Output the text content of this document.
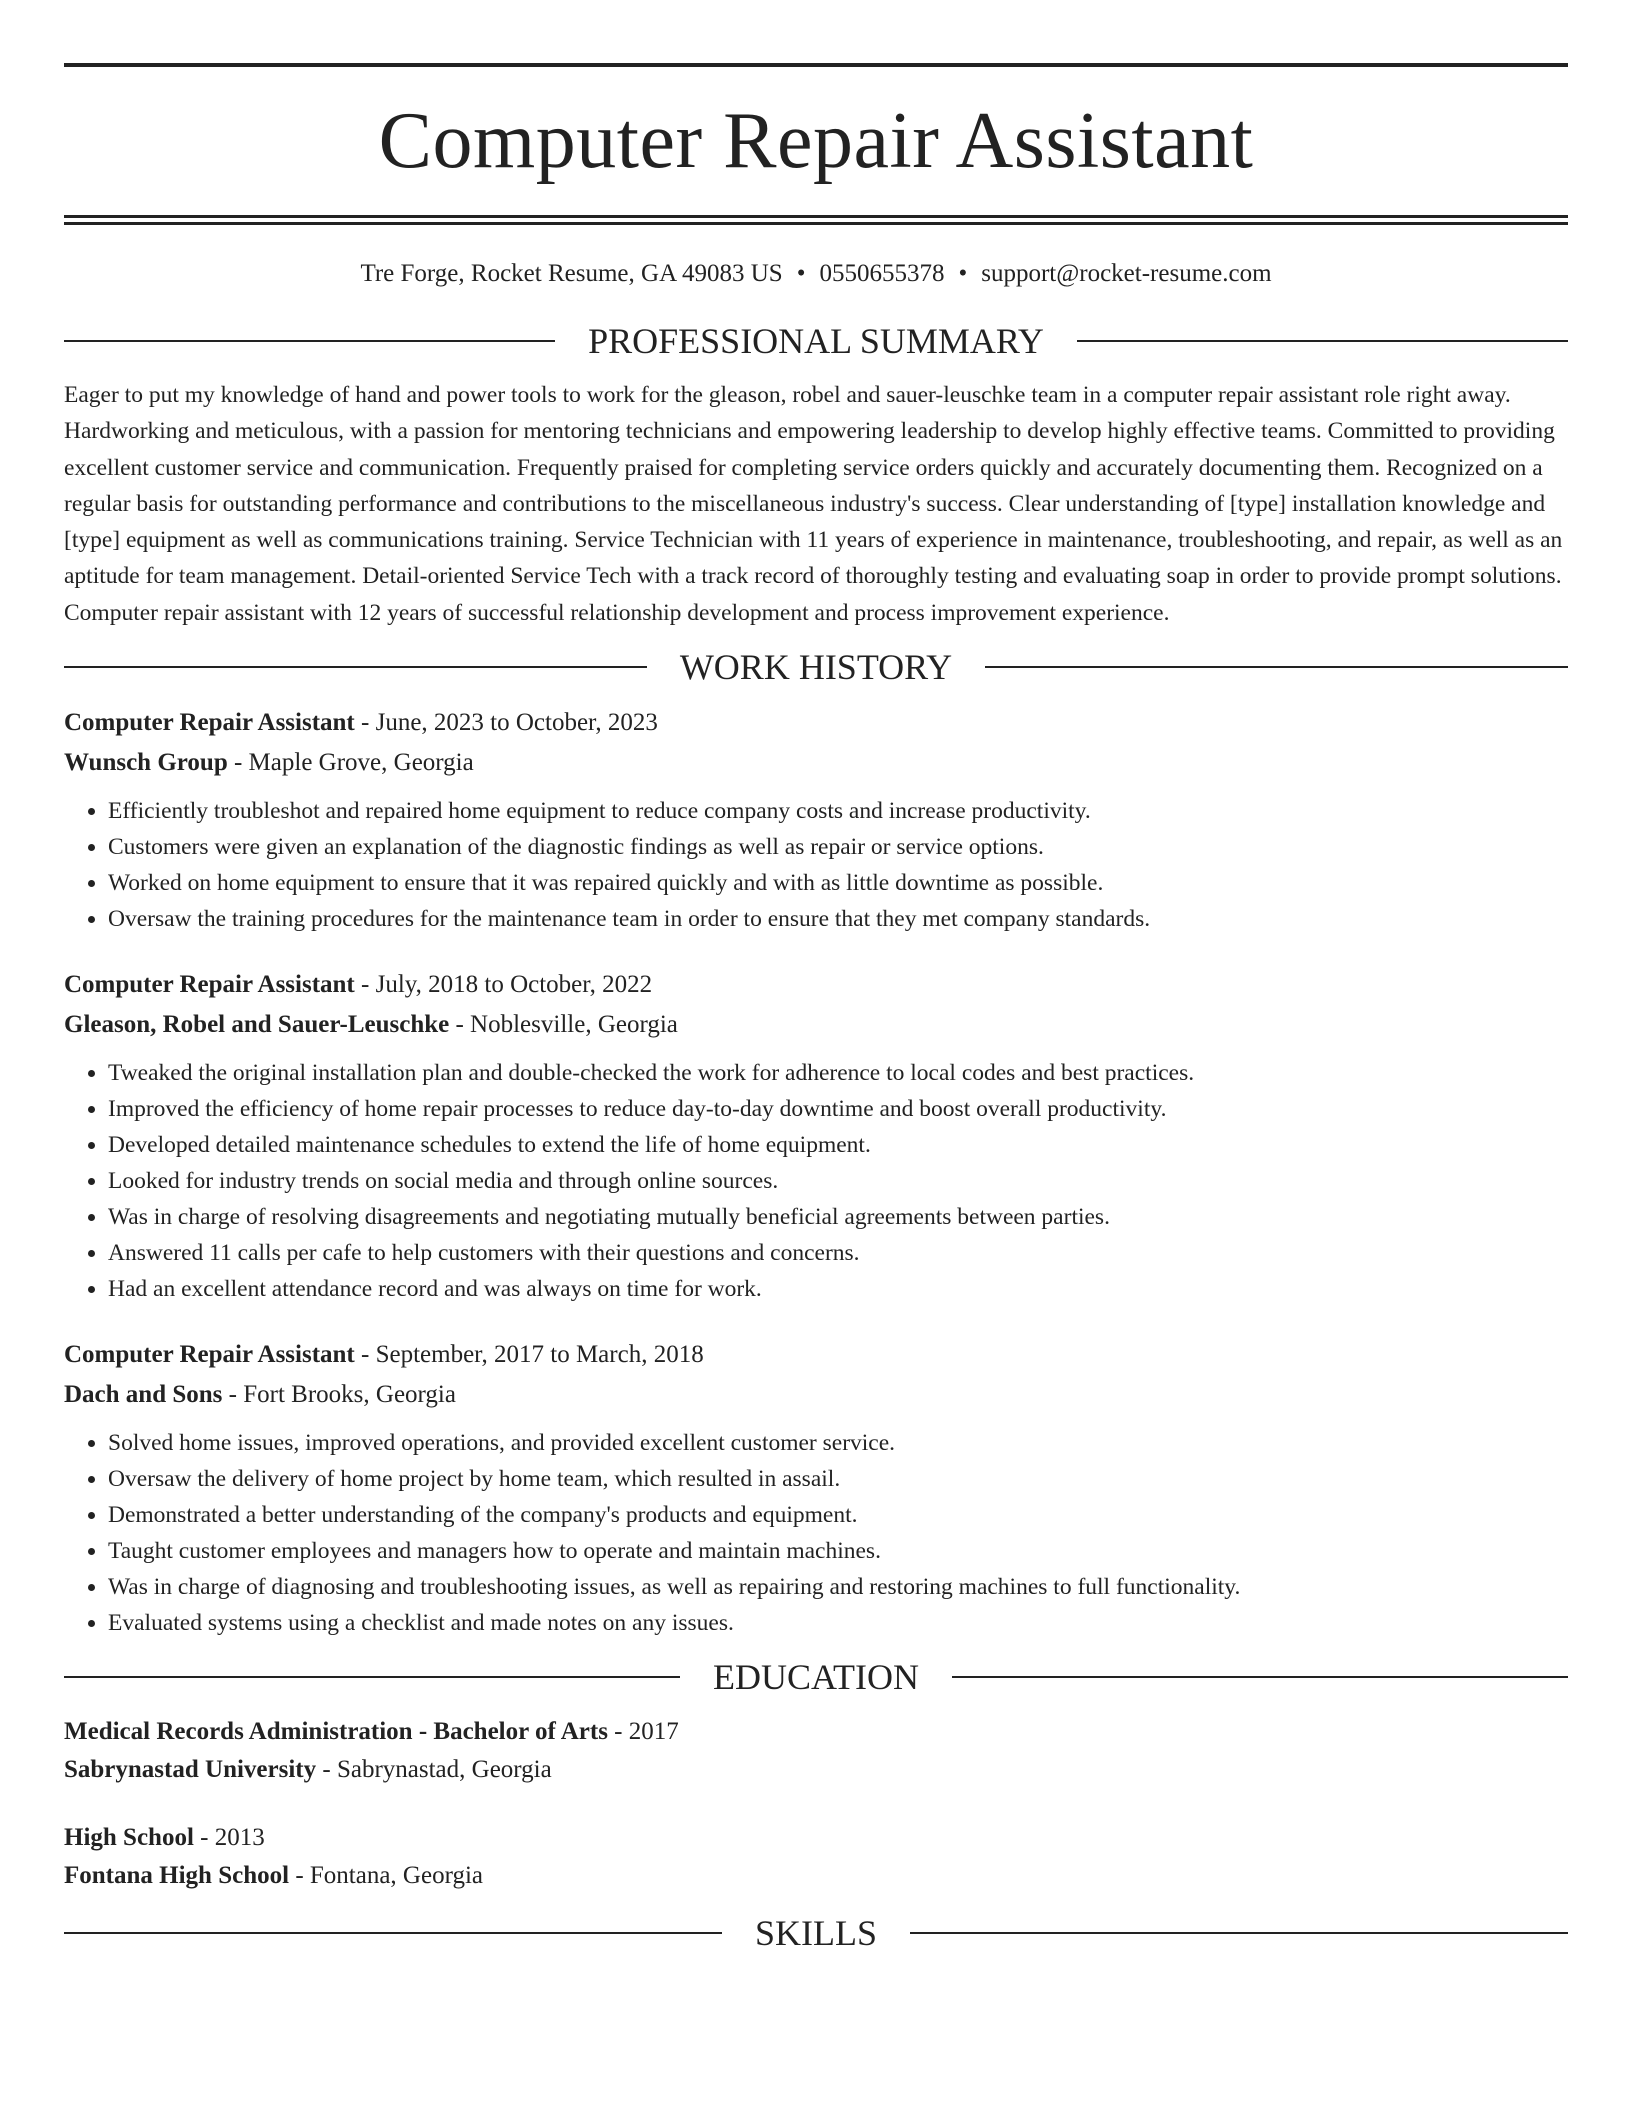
Computer Repair Assistant
Tre Forge, Rocket Resume, GA 49083 US • 0550655378 • support@rocket-resume.com
PROFESSIONAL SUMMARY

Eager to put my knowledge of hand and power tools to work for the gleason, robel and sauer-leuschke team in a computer repair assistant role right away. Hardworking and meticulous, with a passion for mentoring technicians and empowering leadership to develop highly effective teams. Committed to providing excellent customer service and communication. Frequently praised for completing service orders quickly and accurately documenting them. Recognized on a regular basis for outstanding performance and contributions to the miscellaneous industry's success. Clear understanding of [type] installation knowledge and [type] equipment as well as communications training. Service Technician with 11 years of experience in maintenance, troubleshooting, and repair, as well as an aptitude for team management. Detail-oriented Service Tech with a track record of thoroughly testing and evaluating soap in order to provide prompt solutions. Computer repair assistant with 12 years of successful relationship development and process improvement experience.

WORK HISTORY
Computer Repair Assistant - June, 2023 to October, 2023
Wunsch Group - Maple Grove, Georgia
• Efficiently troubleshot and repaired home equipment to reduce company costs and increase productivity.
• Customers were given an explanation of the diagnostic findings as well as repair or service options.
• Worked on home equipment to ensure that it was repaired quickly and with as little downtime as possible.
• Oversaw the training procedures for the maintenance team in order to ensure that they met company standards.
Computer Repair Assistant - July, 2018 to October, 2022
Gleason, Robel and Sauer-Leuschke - Noblesville, Georgia
• Tweaked the original installation plan and double-checked the work for adherence to local codes and best practices.
• Improved the efficiency of home repair processes to reduce day-to-day downtime and boost overall productivity.
• Developed detailed maintenance schedules to extend the life of home equipment.
• Looked for industry trends on social media and through online sources.
• Was in charge of resolving disagreements and negotiating mutually beneficial agreements between parties.
• Answered 11 calls per cafe to help customers with their questions and concerns.
• Had an excellent attendance record and was always on time for work.
Computer Repair Assistant - September, 2017 to March, 2018
Dach and Sons - Fort Brooks, Georgia
• Solved home issues, improved operations, and provided excellent customer service.
• Oversaw the delivery of home project by home team, which resulted in assail.
• Demonstrated a better understanding of the company's products and equipment.
• Taught customer employees and managers how to operate and maintain machines.
• Was in charge of diagnosing and troubleshooting issues, as well as repairing and restoring machines to full functionality.
• Evaluated systems using a checklist and made notes on any issues.
EDUCATION
Medical Records Administration - Bachelor of Arts - 2017
Sabrynastad University - Sabrynastad, Georgia
High School - 2013
Fontana High School - Fontana, Georgia
SKILLS
